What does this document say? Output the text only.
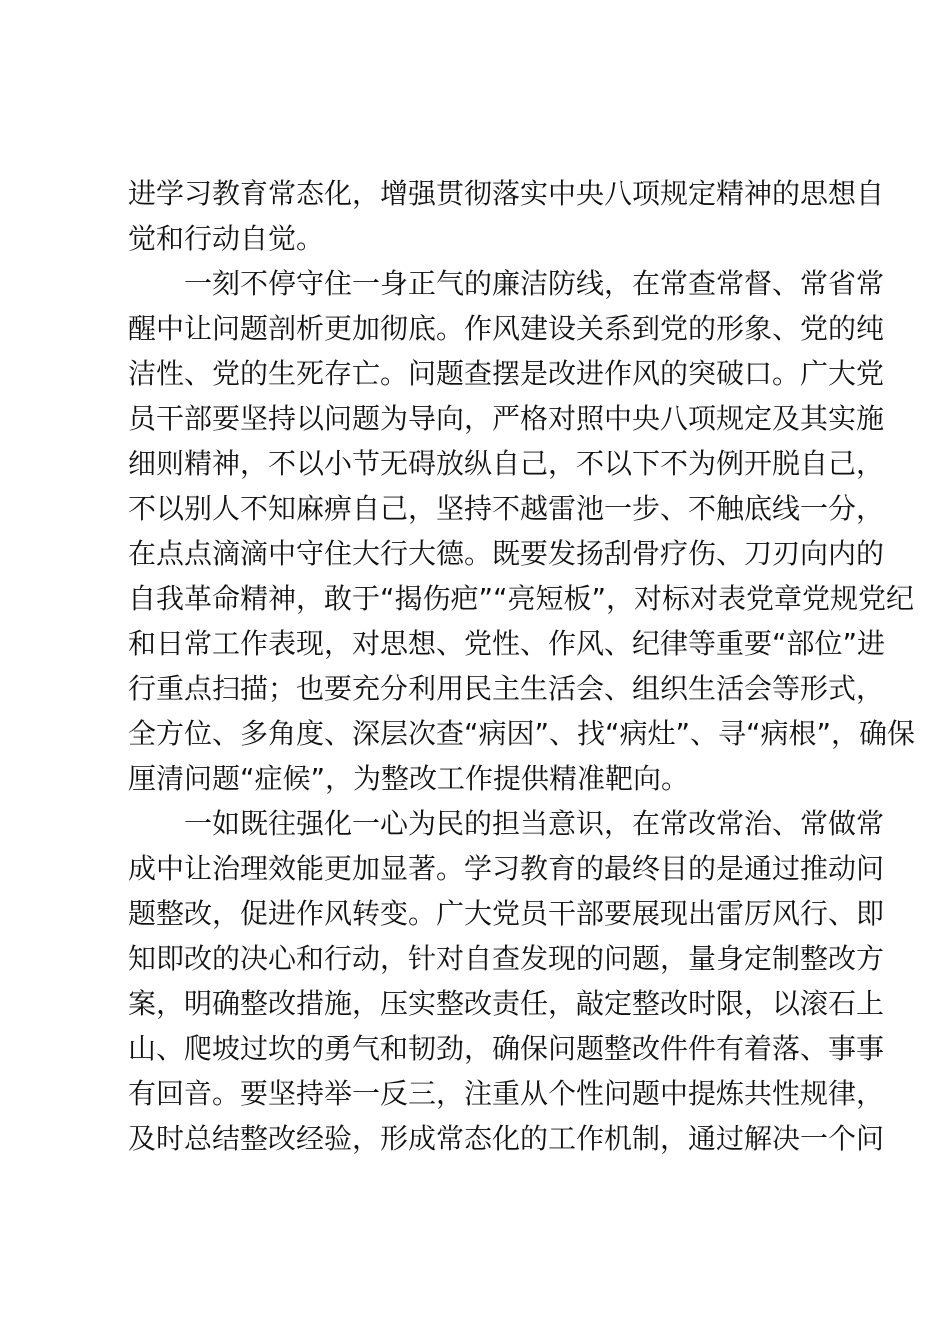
进学习教育常态化，增强贯彻落实中央八项规定精神的思想自
觉和行动自觉。
一刻不停守住一身正气的廉洁防线，在常查常督、常省常
醒中让问题剖析更加彻底。作风建设关系到党的形象、党的纯
洁性、党的生死存亡。问题查摆是改进作风的突破口。广大党
员干部要坚持以问题为导向，严格对照中央八项规定及其实施
细则精神，不以小节无碍放纵自己，不以下不为例开脱自己，
不以别人不知麻痹自己，坚持不越雷池一步、不触底线一分，
在点点滴滴中守住大行大德。既要发扬刮骨疗伤、刀刃向内的
自我革命精神，敢于“揭伤疤”“亮短板”，对标对表党章党规党纪
和日常工作表现，对思想、党性、作风、纪律等重要“部位”进
行重点扫描；也要充分利用民主生活会、组织生活会等形式，
全方位、多角度、深层次查“病因”、找“病灶”、寻“病根”，确保
厘清问题“症候”，为整改工作提供精准靶向。
一如既往强化一心为民的担当意识，在常改常治、常做常
成中让治理效能更加显著。学习教育的最终目的是通过推动问
题整改，促进作风转变。广大党员干部要展现出雷厉风行、即
知即改的决心和行动，针对自查发现的问题，量身定制整改方
案，明确整改措施，压实整改责任，敲定整改时限，以滚石上
山、爬坡过坎的勇气和韧劲，确保问题整改件件有着落、事事
有回音。要坚持举一反三，注重从个性问题中提炼共性规律，
及时总结整改经验，形成常态化的工作机制，通过解决一个问
